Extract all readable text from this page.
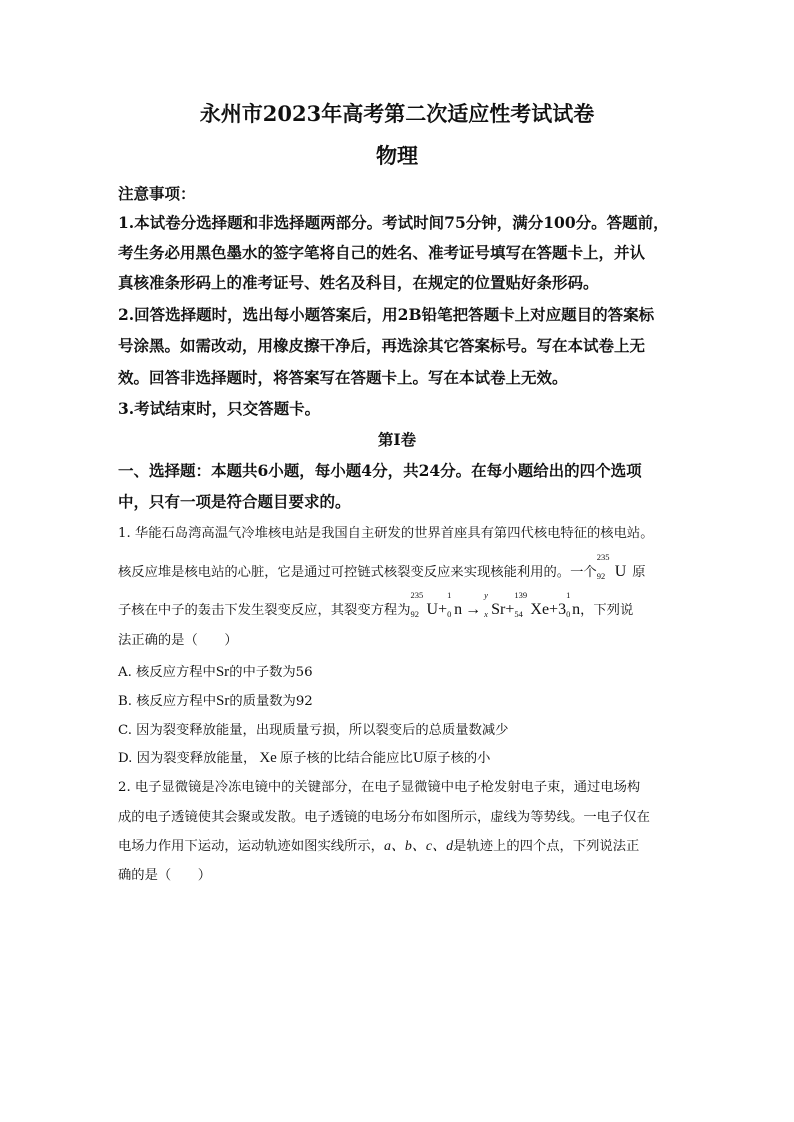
永州市2023年高考第二次适应性考试试卷
物理
注意事项：
1.本试卷分选择题和非选择题两部分。考试时间75分钟，满分100分。答题前，
考生务必用黑色墨水的签字笔将自己的姓名、准考证号填写在答题卡上，并认
真核准条形码上的准考证号、姓名及科目，在规定的位置贴好条形码。
2.回答选择题时，选出每小题答案后，用2B铅笔把答题卡上对应题目的答案标
号涂黑。如需改动，用橡皮擦干净后，再选涂其它答案标号。写在本试卷上无
效。回答非选择题时，将答案写在答题卡上。写在本试卷上无效。
3.考试结束时，只交答题卡。
第Ⅰ卷
一、选择题：本题共6小题，每小题4分，共24分。在每小题给出的四个选项
中，只有一项是符合题目要求的。
1. 华能石岛湾高温气冷堆核电站是我国自主研发的世界首座具有第四代核电特征的核电站。
核反应堆是核电站的心脏，它是通过可控链式核裂变反应来实现核能利用的。一个
235
92 U 原
子核在中子的轰击下发生裂变反应，其裂变方程为
235
92 U+
1
0 n →
y
x Sr+
139
54 Xe+3
1
0 n，下列说
法正确的是（　　）
A. 核反应方程中Sr的中子数为56
B. 核反应方程中Sr的质量数为92
C. 因为裂变释放能量，出现质量亏损，所以裂变后的总质量数减少
D. 因为裂变释放能量， Xe 原子核的比结合能应比U原子核的小
2. 电子显微镜是冷冻电镜中的关键部分，在电子显微镜中电子枪发射电子束，通过电场构
成的电子透镜使其会聚或发散。电子透镜的电场分布如图所示，虚线为等势线。一电子仅在
电场力作用下运动，运动轨迹如图实线所示，a、b、c、d是轨迹上的四个点，下列说法正
确的是（　　）
